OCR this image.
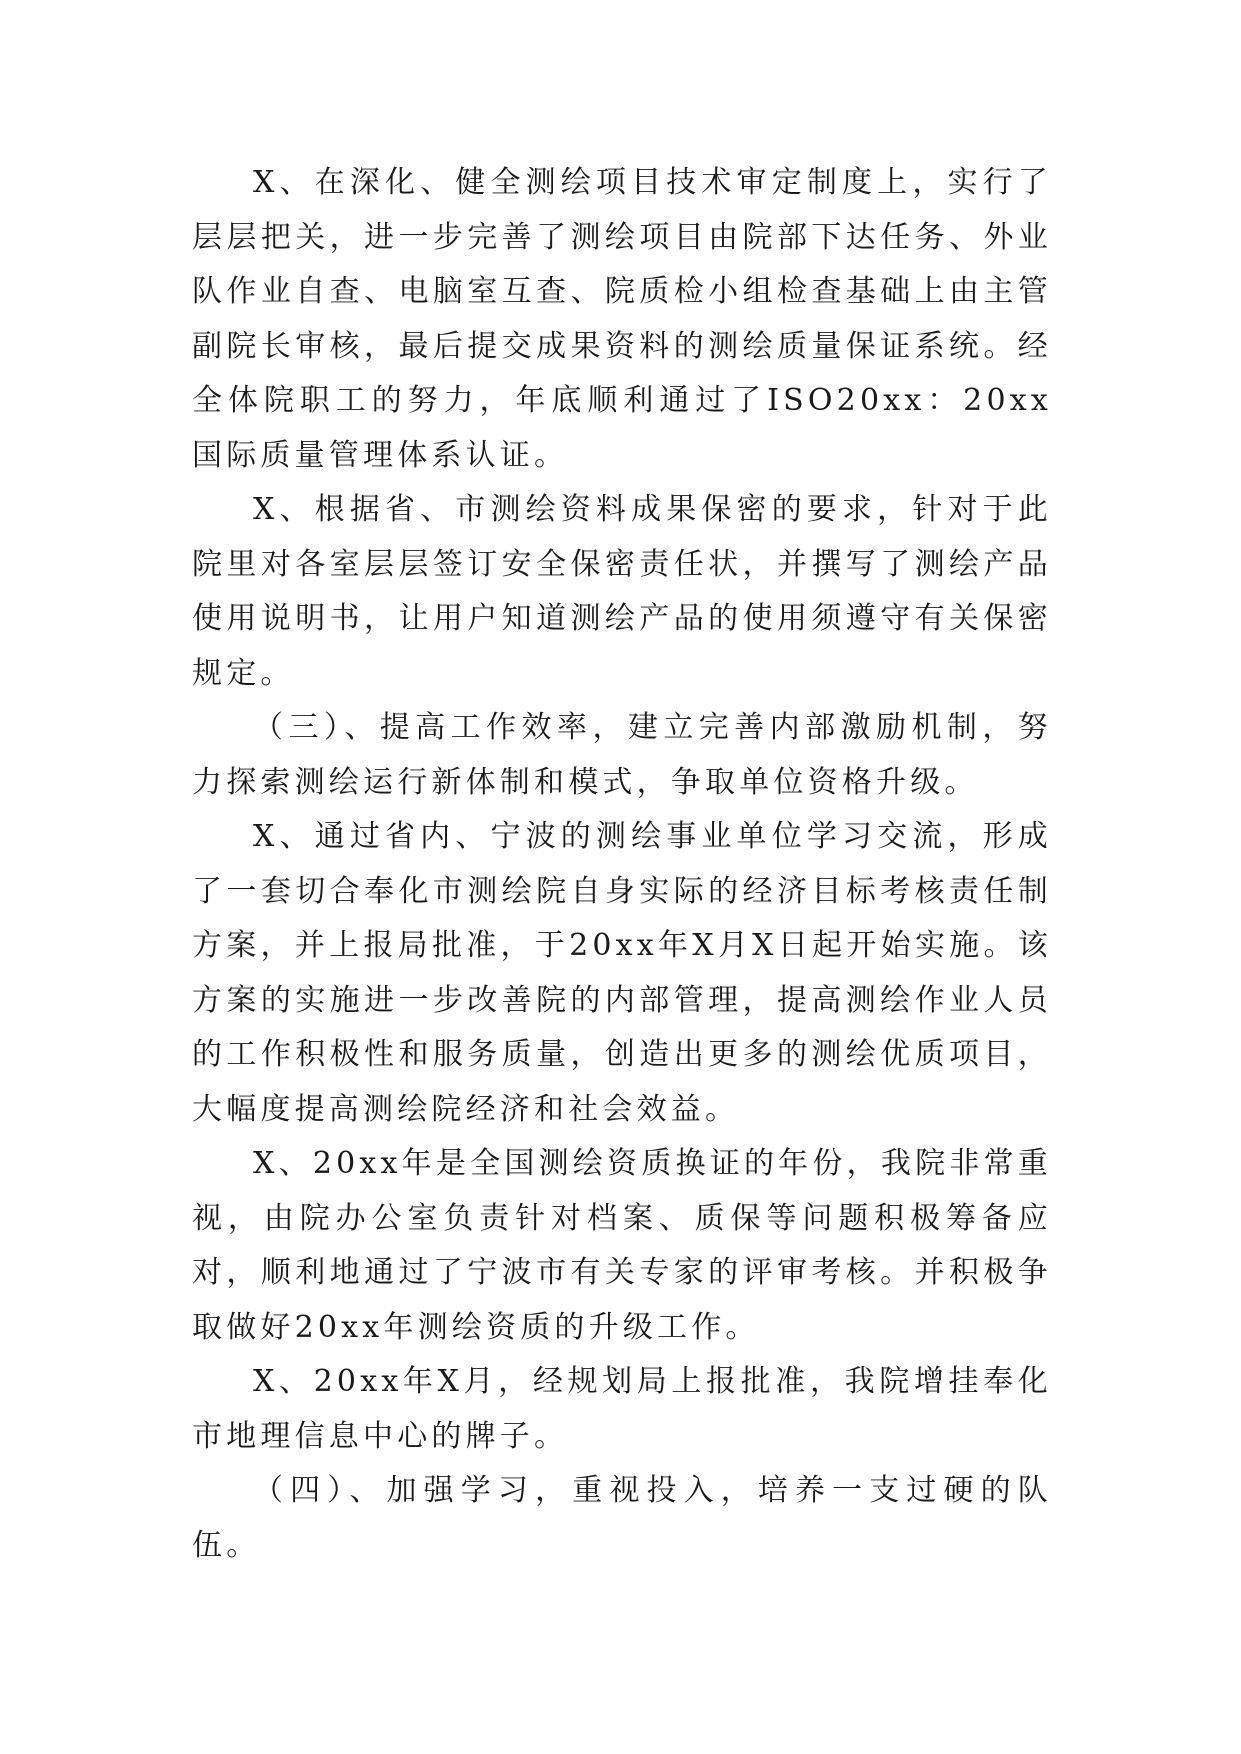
X、在深化、健全测绘项目技术审定制度上，实行了层层把关，进一步完善了测绘项目由院部下达任务、外业队作业自查、电脑室互查、院质检小组检查基础上由主管副院长审核，最后提交成果资料的测绘质量保证系统。经全体院职工的努力，年底顺利通过了ISO20xx：20xx国际质量管理体系认证。

X、根据省、市测绘资料成果保密的要求，针对于此院里对各室层层签订安全保密责任状，并撰写了测绘产品使用说明书，让用户知道测绘产品的使用须遵守有关保密规定。

（三）、提高工作效率，建立完善内部激励机制，努力探索测绘运行新体制和模式，争取单位资格升级。

X、通过省内、宁波的测绘事业单位学习交流，形成了一套切合奉化市测绘院自身实际的经济目标考核责任制方案，并上报局批准，于20xx年X月X日起开始实施。该方案的实施进一步改善院的内部管理，提高测绘作业人员的工作积极性和服务质量，创造出更多的测绘优质项目，大幅度提高测绘院经济和社会效益。

X、20xx年是全国测绘资质换证的年份，我院非常重视，由院办公室负责针对档案、质保等问题积极筹备应对，顺利地通过了宁波市有关专家的评审考核。并积极争取做好20xx年测绘资质的升级工作。

X、20xx年X月，经规划局上报批准，我院增挂奉化市地理信息中心的牌子。

（四）、加强学习，重视投入，培养一支过硬的队伍。
